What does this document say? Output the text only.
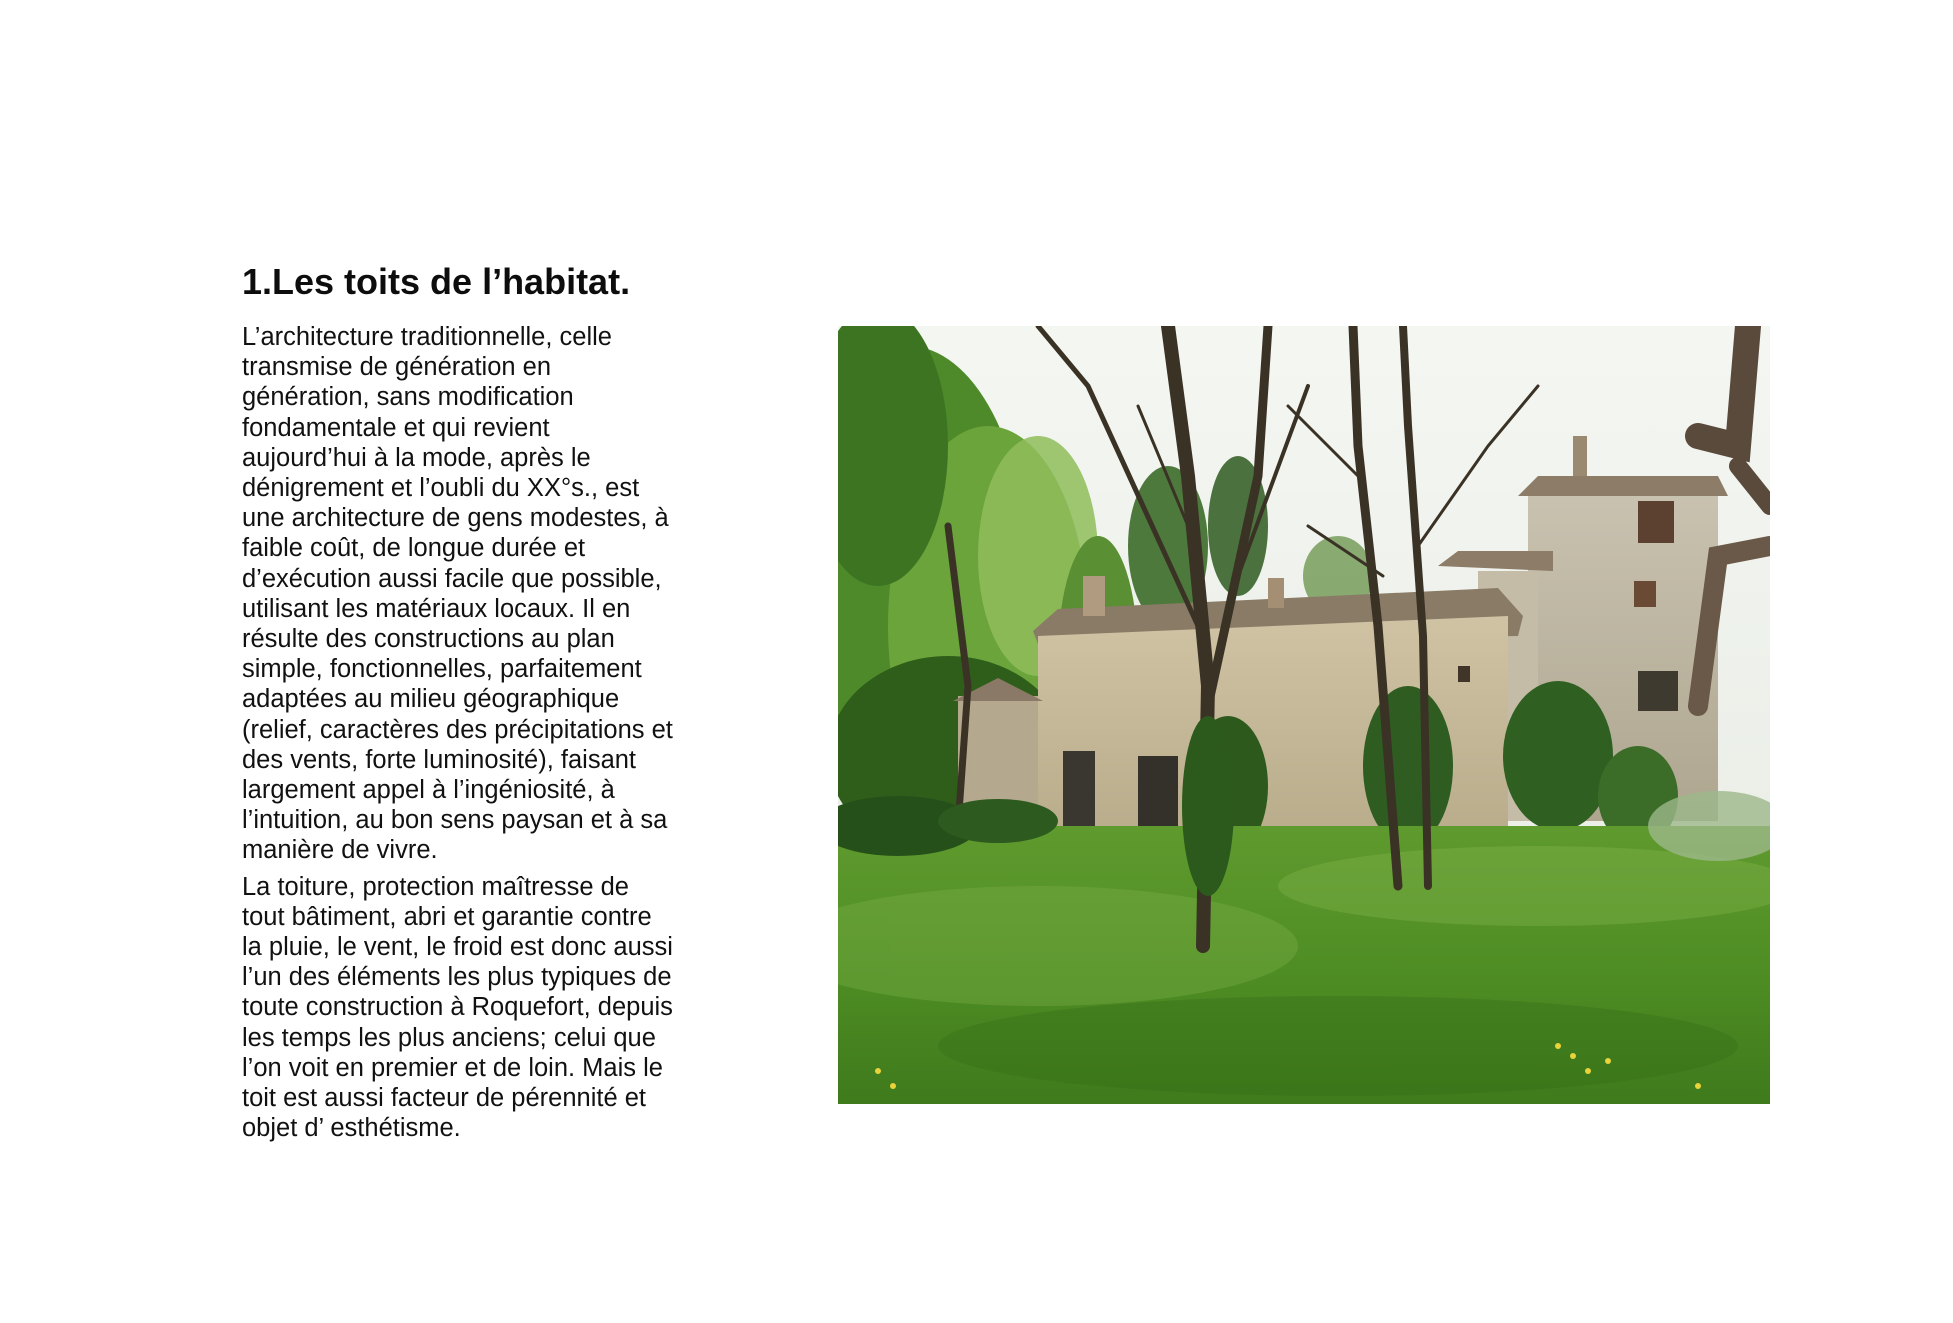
1.Les toits de l’habitat.

L’architecture traditionnelle, celle
transmise de génération en
génération, sans modification
fondamentale et qui revient
aujourd’hui à la mode, après le
dénigrement et l’oubli du XX°s., est
une architecture de gens modestes, à
faible coût, de longue durée et
d’exécution aussi facile que possible,
utilisant les matériaux locaux. Il en
résulte des constructions au plan
simple, fonctionnelles, parfaitement
adaptées au milieu géographique
(relief, caractères des précipitations et
des vents, forte luminosité), faisant
largement appel à l’ingéniosité, à
l’intuition, au bon sens paysan et à sa
manière de vivre.

La toiture, protection maîtresse de
tout bâtiment, abri et garantie contre
la pluie, le vent, le froid est donc aussi
l’un des éléments les plus typiques de
toute construction à Roquefort, depuis
les temps les plus anciens; celui que
l’on voit en premier et de loin. Mais le
toit est aussi facteur de pérennité et
objet d’ esthétisme.
